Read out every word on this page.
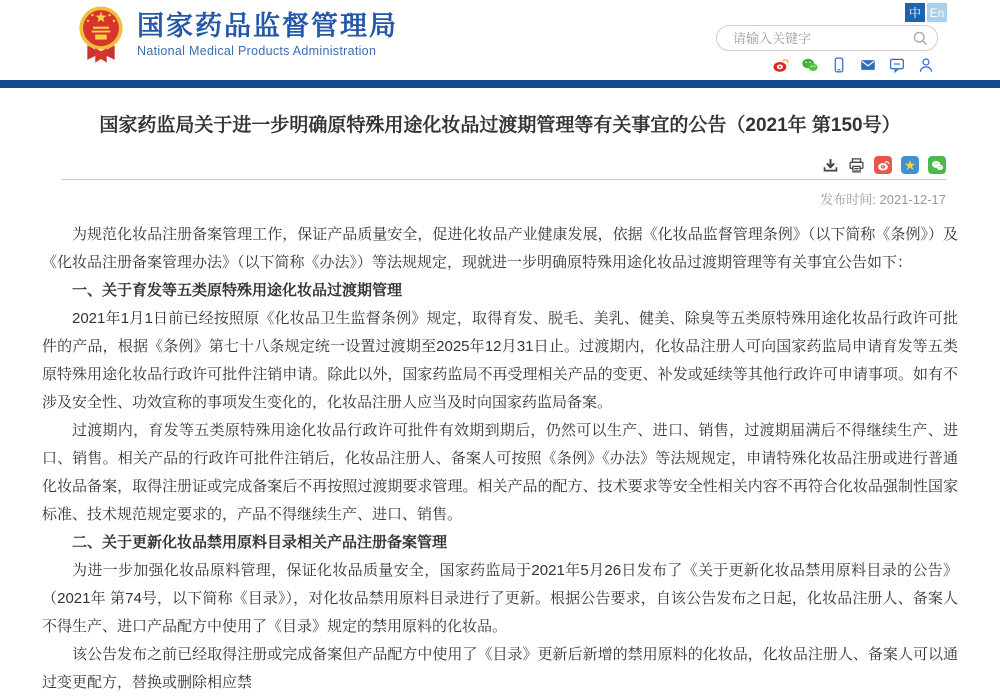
国家药品监督管理局
National Medical Products Administration
中 En
请输入关键字
国家药监局关于进一步明确原特殊用途化妆品过渡期管理等有关事宜的公告（2021年 第150号）
★
发布时间: 2021-12-17

为规范化妆品注册备案管理工作，保证产品质量安全，促进化妆品产业健康发展，依据《化妆品监督管理条例》（以下简称《条例》）及《化妆品注册备案管理办法》（以下简称《办法》）等法规规定，现就进一步明确原特殊用途化妆品过渡期管理等有关事宜公告如下：

一、关于育发等五类原特殊用途化妆品过渡期管理

2021年1月1日前已经按照原《化妆品卫生监督条例》规定，取得育发、脱毛、美乳、健美、除臭等五类原特殊用途化妆品行政许可批件的产品，根据《条例》第七十八条规定统一设置过渡期至2025年12月31日止。过渡期内，化妆品注册人可向国家药监局申请育发等五类原特殊用途化妆品行政许可批件注销申请。除此以外，国家药监局不再受理相关产品的变更、补发或延续等其他行政许可申请事项。如有不涉及安全性、功效宣称的事项发生变化的，化妆品注册人应当及时向国家药监局备案。

过渡期内，育发等五类原特殊用途化妆品行政许可批件有效期到期后，仍然可以生产、进口、销售，过渡期届满后不得继续生产、进口、销售。相关产品的行政许可批件注销后，化妆品注册人、备案人可按照《条例》《办法》等法规规定，申请特殊化妆品注册或进行普通化妆品备案，取得注册证或完成备案后不再按照过渡期要求管理。相关产品的配方、技术要求等安全性相关内容不再符合化妆品强制性国家标准、技术规范规定要求的，产品不得继续生产、进口、销售。

二、关于更新化妆品禁用原料目录相关产品注册备案管理

为进一步加强化妆品原料管理，保证化妆品质量安全，国家药监局于2021年5月26日发布了《关于更新化妆品禁用原料目录的公告》（2021年 第74号，以下简称《目录》），对化妆品禁用原料目录进行了更新。根据公告要求，自该公告发布之日起，化妆品注册人、备案人不得生产、进口产品配方中使用了《目录》规定的禁用原料的化妆品。

该公告发布之前已经取得注册或完成备案但产品配方中使用了《目录》更新后新增的禁用原料的化妆品，化妆品注册人、备案人可以通过变更配方，替换或删除相应禁
